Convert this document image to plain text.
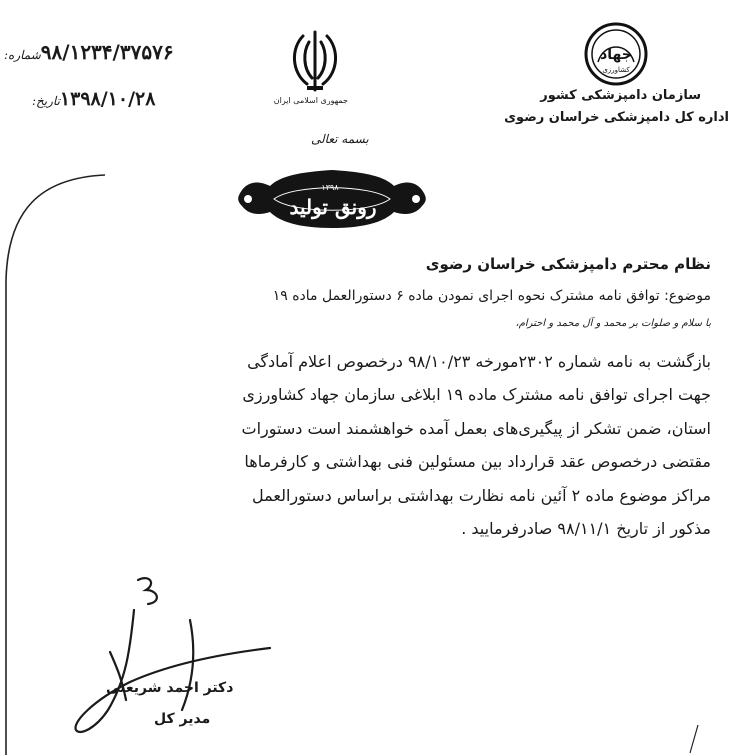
۹۸/۱۲۳۴/۳۷۵۷۶شماره:
۱۳۹۸/۱۰/۲۸تاریخ:	جمهوری اسلامی ایران
بسمه تعالی
۱۳۹۸
رونق تولید
جهاد
کشاورزی
سازمان دامپزشکی کشور
اداره کل دامپزشکی خراسان رضوی
نظام محترم دامپزشکی خراسان رضوی
موضوع: توافق نامه مشترک نحوه اجرای نمودن ماده ۶ دستورالعمل ماده ۱۹
با سلام و صلوات بر محمد و آل محمد و احترام،
بازگشت به نامه شماره ۲۳۰۲مورخه ۹۸/۱۰/۲۳ درخصوص اعلام آمادگی
جهت اجرای توافق نامه مشترک ماده ۱۹ ابلاغی سازمان جهاد کشاورزی
استان، ضمن تشکر از پیگیری‌های بعمل آمده خواهشمند است دستورات
مقتضی درخصوص عقد قرارداد بین مسئولین فنی بهداشتی و کارفرماها
مراکز موضوع ماده ۲ آئین نامه نظارت بهداشتی براساس دستورالعمل
مذکور از تاریخ ۹۸/۱۱/۱ صادرفرمایید .
دکتر احمد شریعتی
مدیر کل
